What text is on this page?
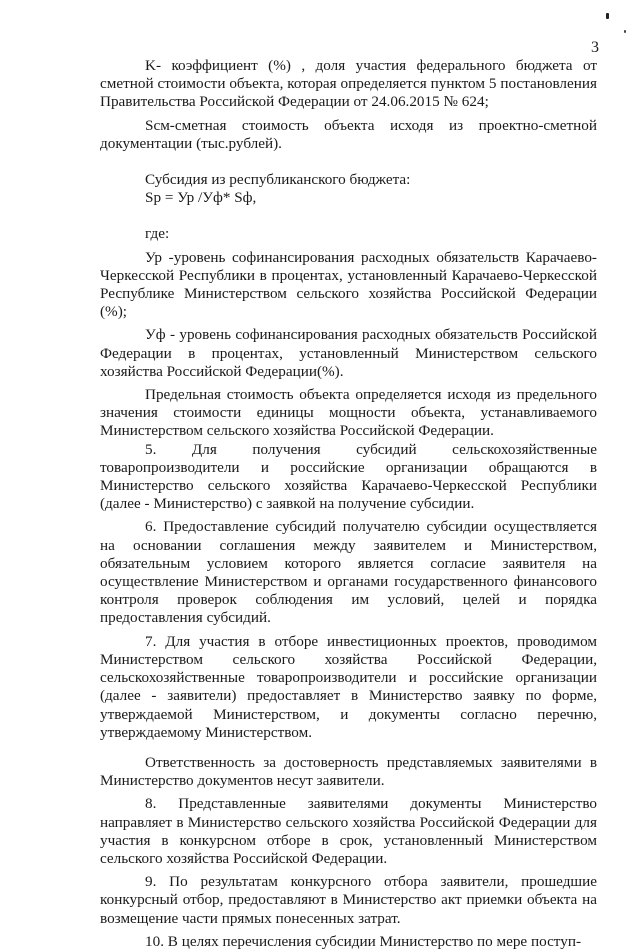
3

K- коэффициент (%) , доля участия федерального бюджета от сметной стоимости объекта, которая определяется пунктом 5 постановления Правительства Российской Федерации от 24.06.2015 № 624;

Sсм-сметная стоимость объекта исходя из проектно-сметной документации (тыс.рублей).

Субсидия из республиканского бюджета:

Sр = Ур /Уф* Sф,

где:

Ур -уровень софинансирования расходных обязательств Карачаево-Черкесской Республики в процентах, установленный Карачаево-Черкесской Республике Министерством сельского хозяйства Российской Федерации (%);

Уф - уровень софинансирования расходных обязательств Российской Федерации в процентах, установленный Министерством сельского хозяйства Российской Федерации(%).

Предельная стоимость объекта определяется исходя из предельного значения стоимости единицы мощности объекта, устанавливаемого Министерством сельского хозяйства Российской Федерации.

5. Для получения субсидий сельскохозяйственные товаропроизводители и российские организации обращаются в Министерство сельского хозяйства Карачаево-Черкесской Республики (далее - Министерство) с заявкой на получение субсидии.

6. Предоставление субсидий получателю субсидии осуществляется на основании соглашения между заявителем и Министерством, обязательным условием которого является согласие заявителя на осуществление Министерством и органами государственного финансового контроля проверок соблюдения им условий, целей и порядка предоставления субсидий.

7. Для участия в отборе инвестиционных проектов, проводимом Министерством сельского хозяйства Российской Федерации, сельскохозяйственные товаропроизводители и российские организации (далее - заявители) предоставляет в Министерство заявку по форме, утверждаемой Министерством, и документы согласно перечню, утверждаемому Министерством.

Ответственность за достоверность представляемых заявителями в Министерство документов несут заявители.

8. Представленные заявителями документы Министерство направляет в Министерство сельского хозяйства Российской Федерации для участия в конкурсном отборе в срок, установленный Министерством сельского хозяйства Российской Федерации.

9. По результатам конкурсного отбора заявители, прошедшие конкурсный отбор, предоставляют в Министерство акт приемки объекта на возмещение части прямых понесенных затрат.

10. В целях перечисления субсидии Министерство по мере поступ-
